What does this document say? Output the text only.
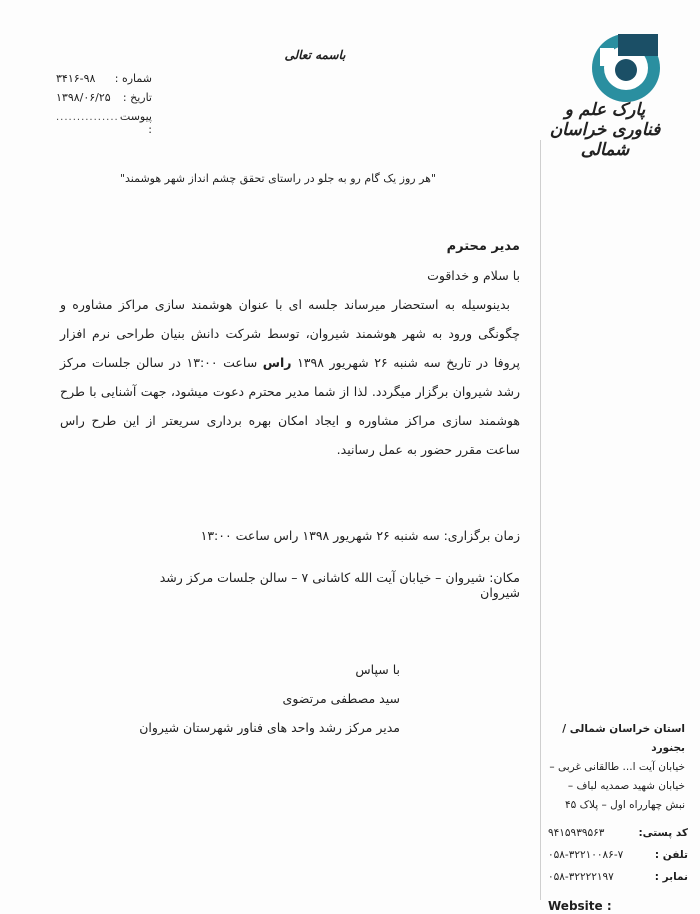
پارک علم و فناوری خراسان شمالی
باسمه تعالی
شماره :
۳۴۱۶-۹۸
تاریخ :
۱۳۹۸/۰۶/۲۵
پیوست :
...............
"هر روز یک گام رو به جلو در راستای تحقق چشم انداز شهر هوشمند"

مدیر محترم

با سلام و خداقوت

بدینوسیله به استحضار میرساند جلسه ای با عنوان هوشمند سازی مراکز مشاوره و چگونگی ورود به شهر هوشمند شیروان، توسط شرکت دانش بنیان طراحی نرم افزار پروفا در تاریخ سه شنبه ۲۶ شهریور ۱۳۹۸ راس ساعت ۱۳:۰۰ در سالن جلسات مرکز رشد شیروان برگزار میگردد. لذا از شما مدیر محترم دعوت میشود، جهت آشنایی با طرح هوشمند سازی مراکز مشاوره و ایجاد امکان بهره برداری سریعتر از این طرح راس ساعت مقرر حضور به عمل رسانید.

زمان برگزاری: سه شنبه ۲۶ شهریور ۱۳۹۸ راس ساعت ۱۳:۰۰
مکان: شیروان – خیابان آیت الله کاشانی ۷ – سالن جلسات مرکز رشد شیروان
با سپاس
سید مصطفی مرتضوی
مدیر مرکز رشد واحد های فناور شهرستان شیروان	استان خراسان شمالی / بجنورد
خیابان آیت ا... طالقانی غربی –
خیابان شهید صمدیه لباف –
نبش چهارراه اول – پلاک ۴۵
کد پستی:
۹۴۱۵۹۳۹۵۶۳
تلفن :
۰۵۸-۳۲۲۱۰۰۸۶-۷
نمابر :
۰۵۸-۳۲۲۲۲۱۹۷
Website :
